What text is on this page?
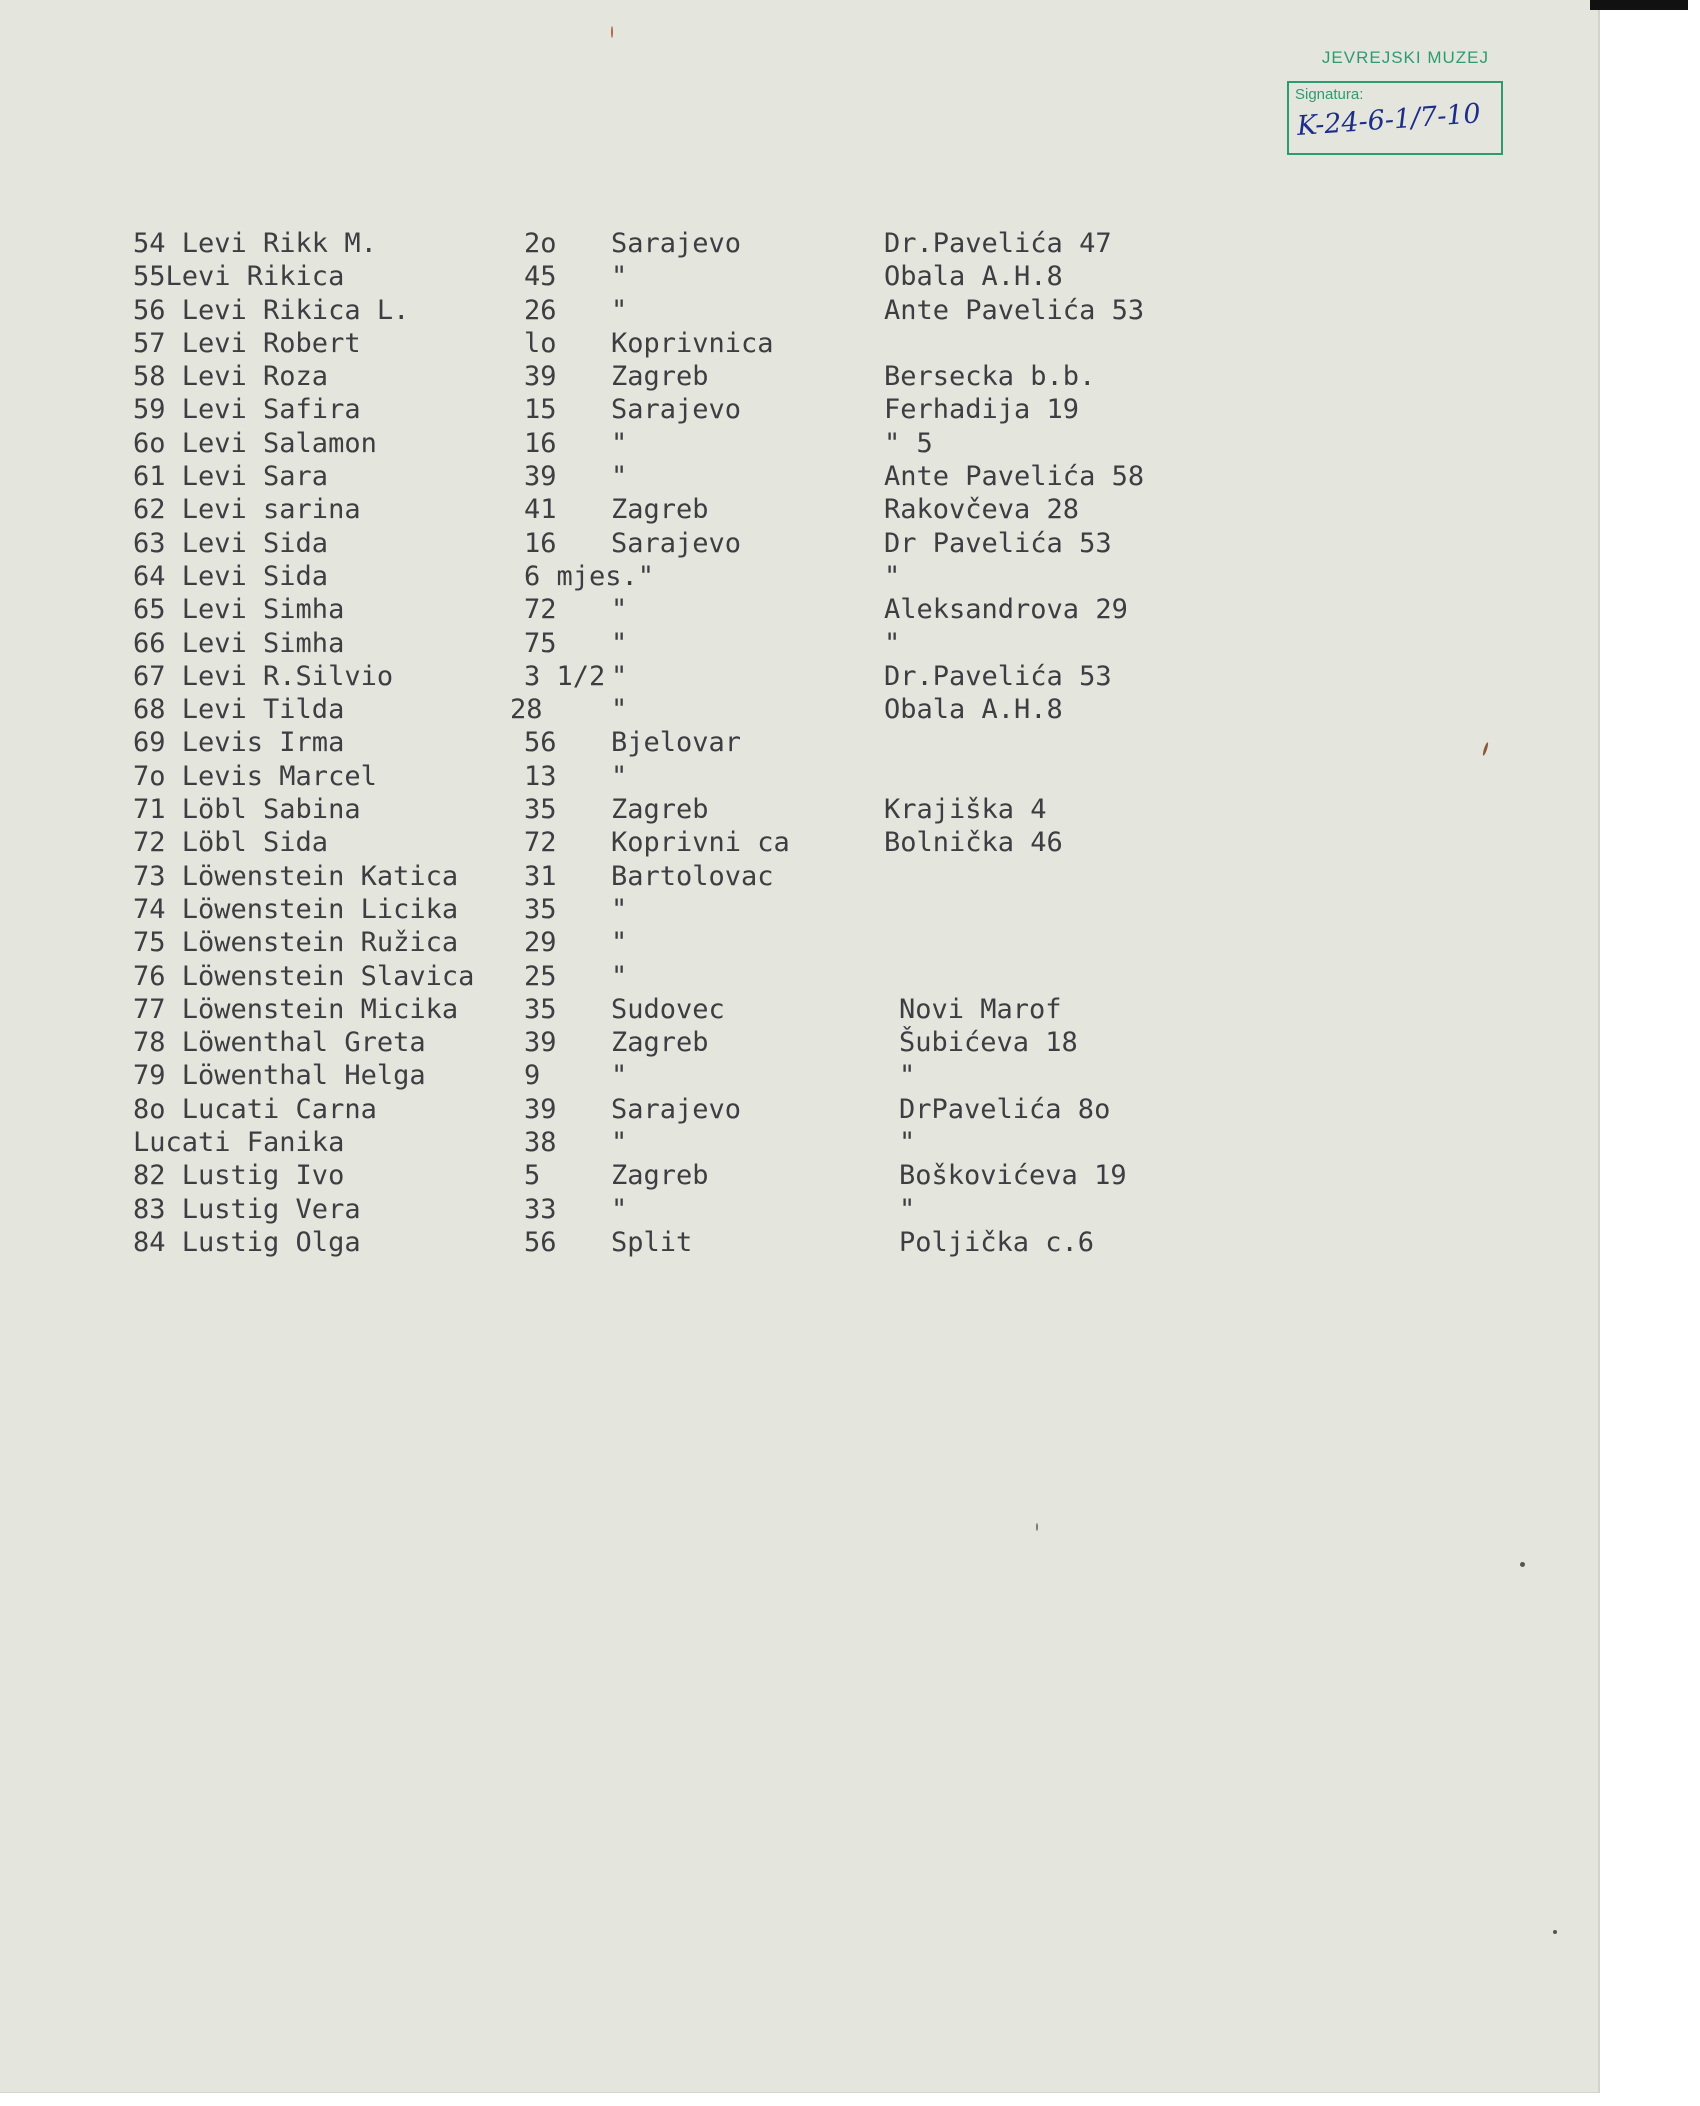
JEVREJSKI MUZEJ
Signatura:
K-24-6-1/7-10
54 Levi Rikk M.	2o Sarajevo	Dr.Pavelića 47
55Levi Rikica	45 "	Obala A.H.8
56 Levi Rikica L.	26 "	Ante Pavelića 53
57 Levi Robert	lo Koprivnica
58 Levi Roza	39 Zagreb	Bersecka b.b.
59 Levi Safira	15 Sarajevo	Ferhadija 19
6o Levi Salamon	16 "	" 5
61 Levi Sara	39 "	Ante Pavelića 58
62 Levi sarina	41 Zagreb	Rakovčeva 28
63 Levi Sida	16 Sarajevo	Dr Pavelića 53
64 Levi Sida	6 mjes."	"
65 Levi Simha	72 "	Aleksandrova 29
66 Levi Simha	75 "	"
67 Levi R.Silvio	3 1/2 "	Dr.Pavelića 53
68 Levi Tilda	28	"	Obala A.H.8
69 Levis Irma	56 Bjelovar
7o Levis Marcel	13 "
71 Löbl Sabina	35 Zagreb	Krajiška 4
72 Löbl Sida	72 Koprivni ca	Bolnička 46
73 Löwenstein Katica 31 Bartolovac
74 Löwenstein Licika 35 "
75 Löwenstein Ružica 29 "
76 Löwenstein Slavica 25 "
77 Löwenstein Micika 35 Sudovec	Novi Marof
78 Löwenthal Greta	39 Zagreb	Šubićeva 18
79 Löwenthal Helga	9	"	"
8o Lucati Carna	39 Sarajevo	DrPavelića 8o
Lucati Fanika	38 "	"
82 Lustig Ivo	5	Zagreb	Boškovićeva 19
83 Lustig Vera	33 "	"
84 Lustig Olga	56 Split	Poljička c.6
